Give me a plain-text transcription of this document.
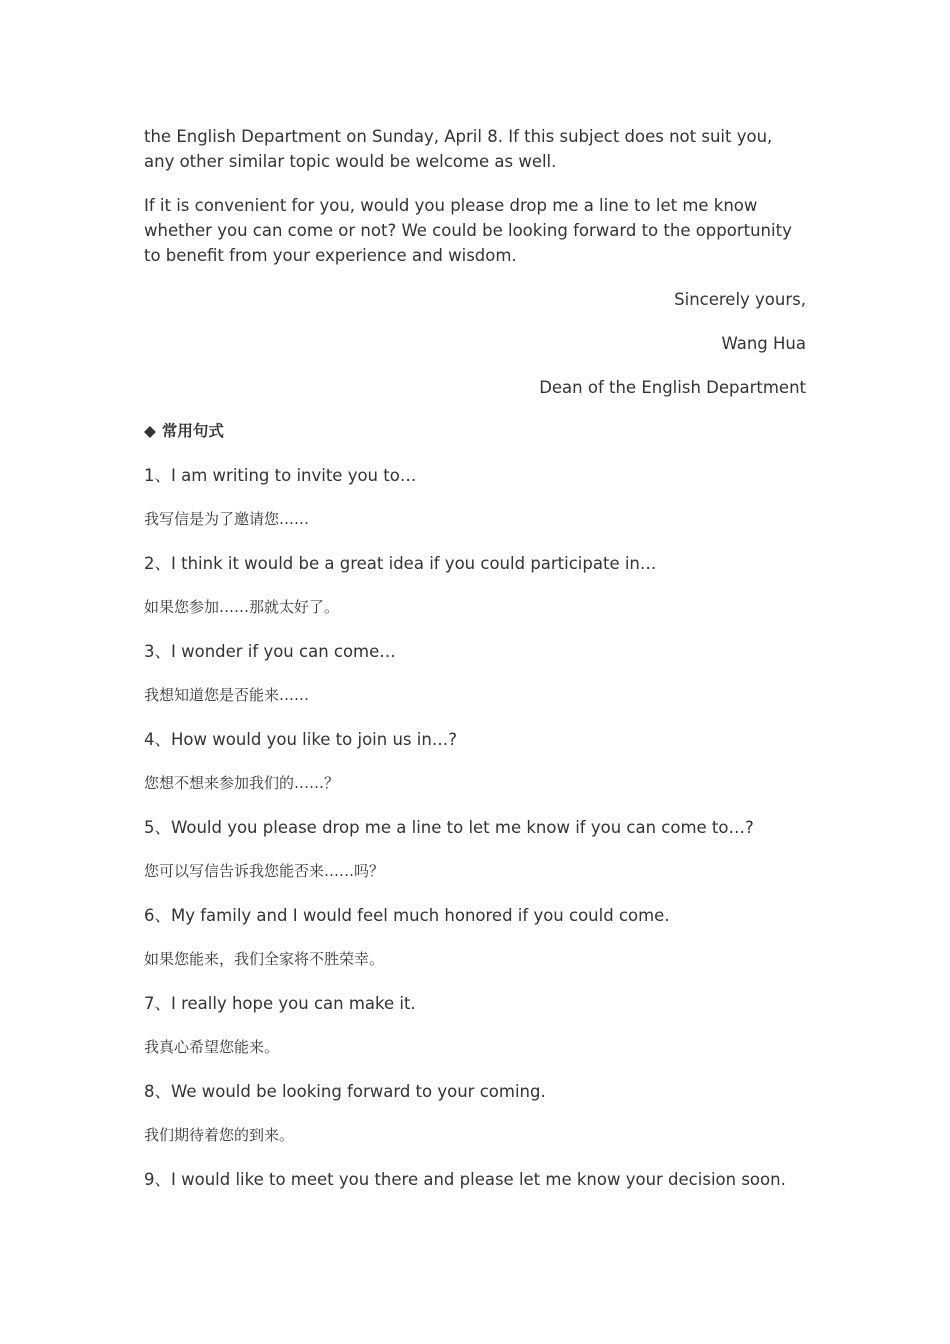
the English Department on Sunday, April 8. If this subject does not suit you, any other similar topic would be welcome as well.

If it is convenient for you, would you please drop me a line to let me know whether you can come or not? We could be looking forward to the opportunity to benefit from your experience and wisdom.

Sincerely yours,

Wang Hua

Dean of the English Department

◆ 常用句式

1、I am writing to invite you to…

我写信是为了邀请您……

2、I think it would be a great idea if you could participate in…

如果您参加……那就太好了。

3、I wonder if you can come…

我想知道您是否能来……

4、How would you like to join us in…?

您想不想来参加我们的……？

5、Would you please drop me a line to let me know if you can come to…?

您可以写信告诉我您能否来……吗？

6、My family and I would feel much honored if you could come.

如果您能来，我们全家将不胜荣幸。

7、I really hope you can make it.

我真心希望您能来。

8、We would be looking forward to your coming.

我们期待着您的到来。

9、I would like to meet you there and please let me know your decision soon.
